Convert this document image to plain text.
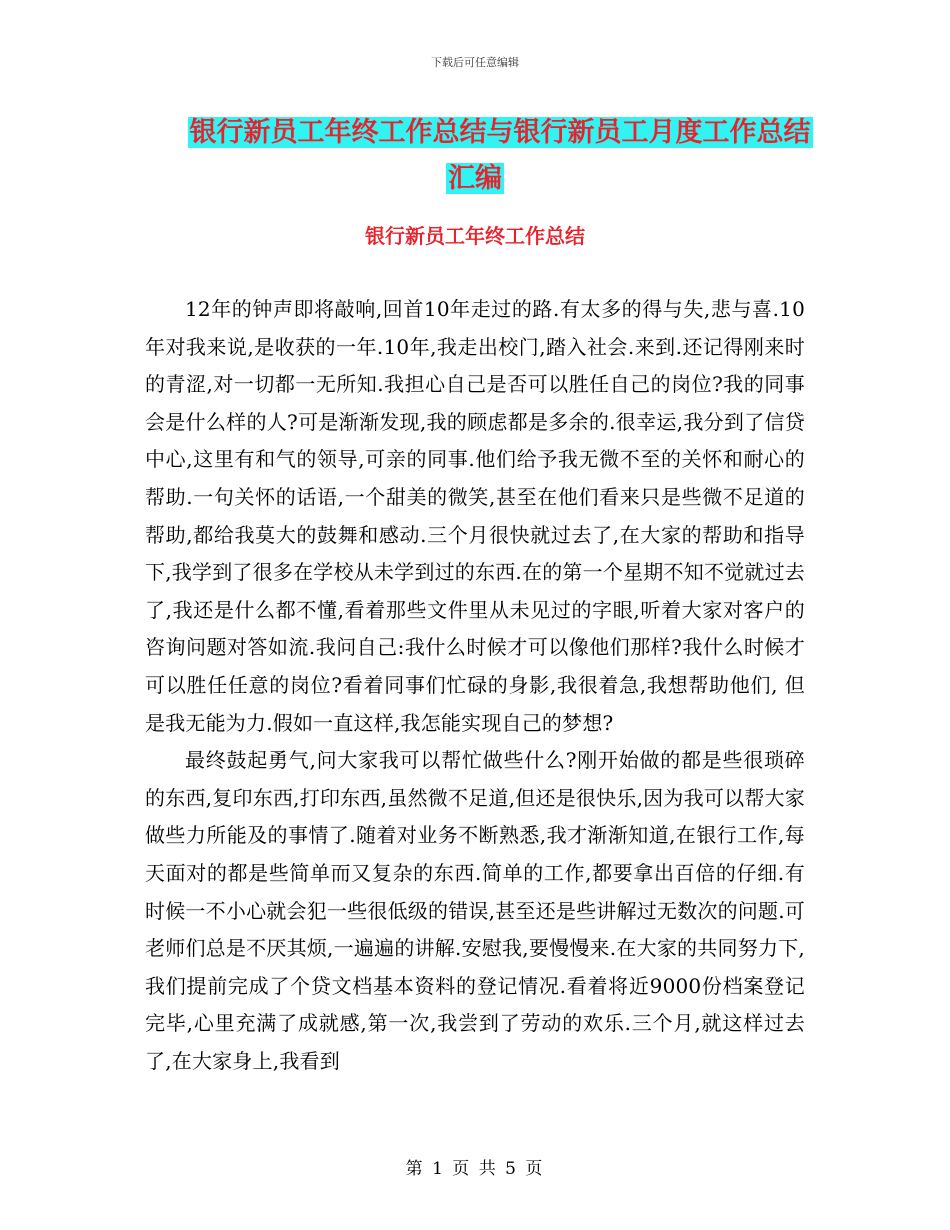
下载后可任意编辑
银行新员工年终工作总结与银行新员工月度工作总结
汇编
银行新员工年终工作总结

12年的钟声即将敲响,回首10年走过的路.有太多的得与失,悲与喜.10年对我来说,是收获的一年.10年,我走出校门,踏入社会.来到.还记得刚来时的青涩,对一切都一无所知.我担心自己是否可以胜任自己的岗位?我的同事会是什么样的人?可是渐渐发现,我的顾虑都是多余的.很幸运,我分到了信贷中心,这里有和气的领导,可亲的同事.他们给予我无微不至的关怀和耐心的帮助.一句关怀的话语,一个甜美的微笑,甚至在他们看来只是些微不足道的帮助,都给我莫大的鼓舞和感动.三个月很快就过去了,在大家的帮助和指导下,我学到了很多在学校从未学到过的东西.在的第一个星期不知不觉就过去了,我还是什么都不懂,看着那些文件里从未见过的字眼,听着大家对客户的咨询问题对答如流.我问自己:我什么时候才可以像他们那样?我什么时候才可以胜任任意的岗位?看着同事们忙碌的身影,我很着急,我想帮助他们, 但是我无能为力.假如一直这样,我怎能实现自己的梦想?

最终鼓起勇气,问大家我可以帮忙做些什么?刚开始做的都是些很琐碎的东西,复印东西,打印东西,虽然微不足道,但还是很快乐,因为我可以帮大家做些力所能及的事情了.随着对业务不断熟悉,我才渐渐知道,在银行工作,每天面对的都是些简单而又复杂的东西.简单的工作,都要拿出百倍的仔细.有时候一不小心就会犯一些很低级的错误,甚至还是些讲解过无数次的问题.可老师们总是不厌其烦,一遍遍的讲解.安慰我,要慢慢来.在大家的共同努力下,我们提前完成了个贷文档基本资料的登记情况.看着将近9000份档案登记完毕,心里充满了成就感,第一次,我尝到了劳动的欢乐.三个月,就这样过去了,在大家身上,我看到

第 1 页 共 5 页
